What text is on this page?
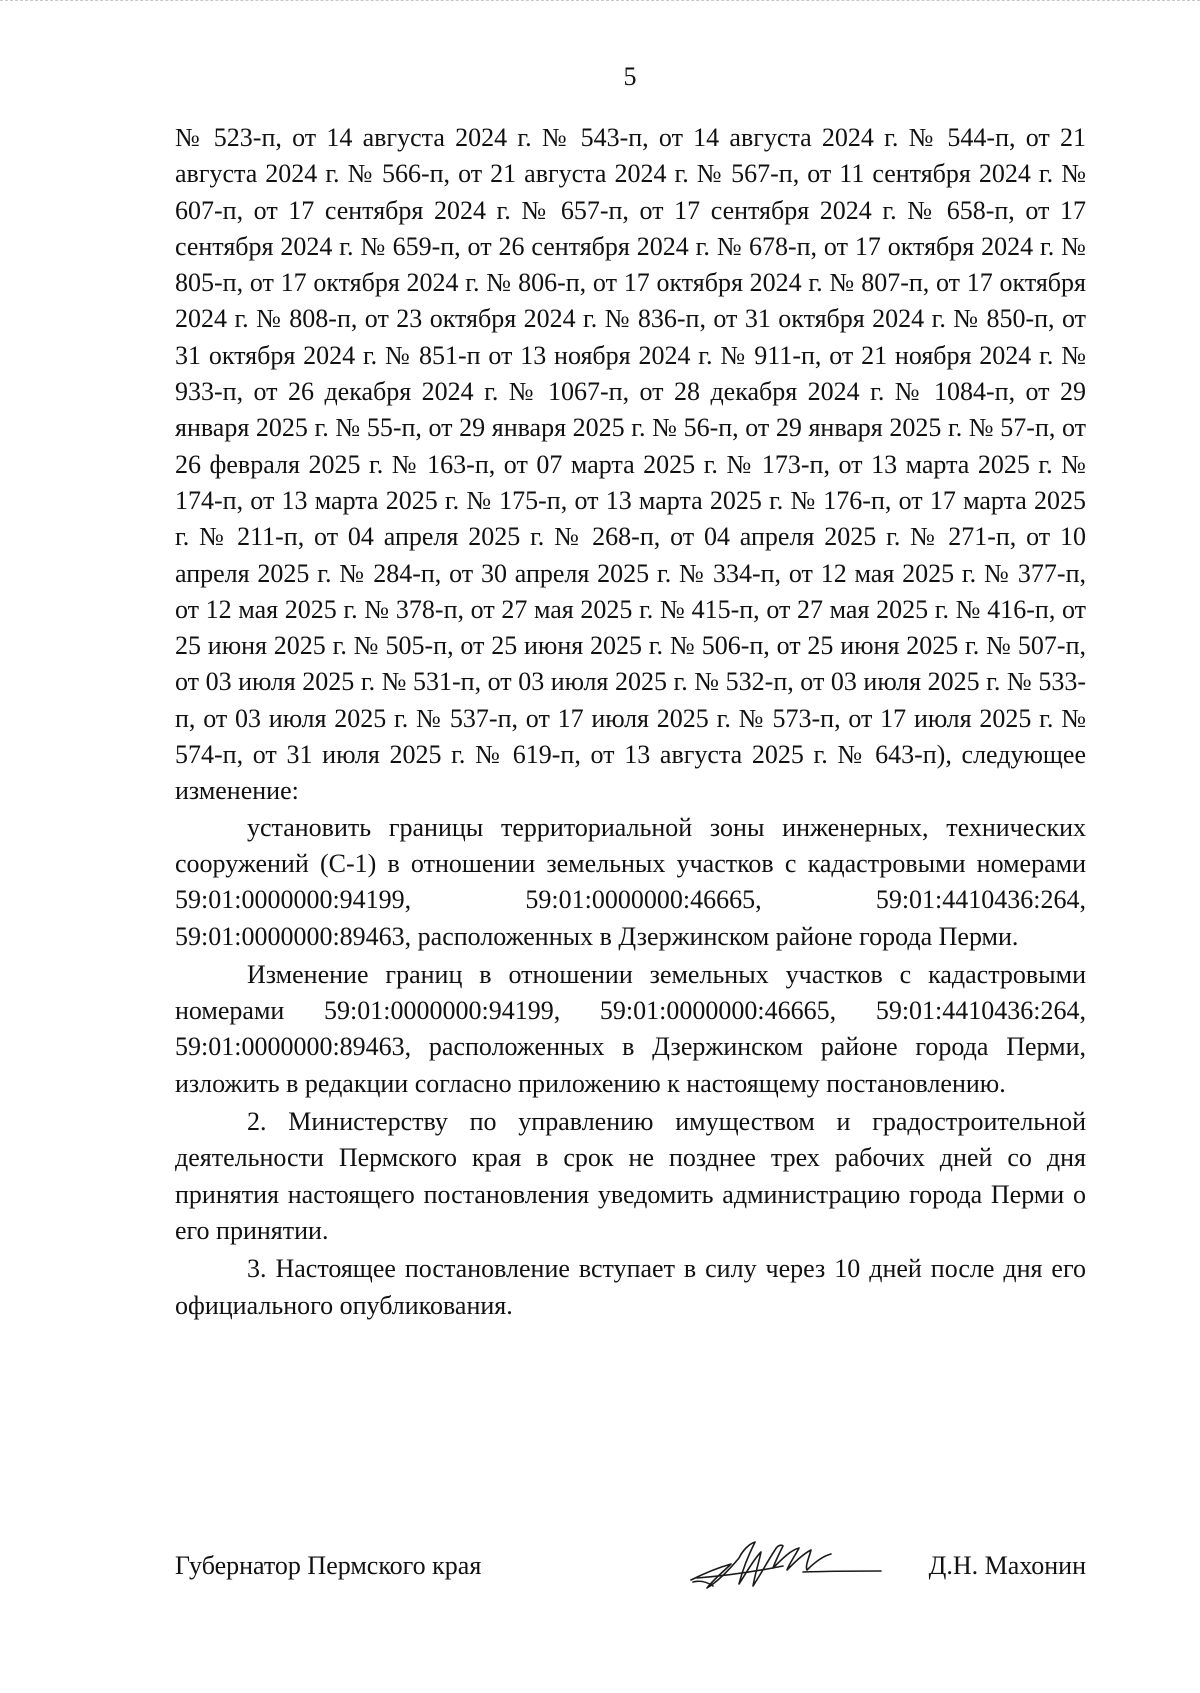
5

№ 523-п, от 14 августа 2024 г. № 543-п, от 14 августа 2024 г. № 544-п, от 21 августа 2024 г. № 566-п, от 21 августа 2024 г. № 567-п, от 11 сентября 2024 г. № 607-п, от 17 сентября 2024 г. № 657-п, от 17 сентября 2024 г. № 658-п, от 17 сентября 2024 г. № 659-п, от 26 сентября 2024 г. № 678-п, от 17 октября 2024 г. № 805-п, от 17 октября 2024 г. № 806-п, от 17 октября 2024 г. № 807-п, от 17 октября 2024 г. № 808-п, от 23 октября 2024 г. № 836-п, от 31 октября 2024 г. № 850-п, от 31 октября 2024 г. № 851-п от 13 ноября 2024 г. № 911-п, от 21 ноября 2024 г. № 933-п, от 26 декабря 2024 г. № 1067-п, от 28 декабря 2024 г. № 1084-п, от 29 января 2025 г. № 55-п, от 29 января 2025 г. № 56-п, от 29 января 2025 г. № 57-п, от 26 февраля 2025 г. № 163-п, от 07 марта 2025 г. № 173-п, от 13 марта 2025 г. № 174-п, от 13 марта 2025 г. № 175-п, от 13 марта 2025 г. № 176-п, от 17 марта 2025 г. № 211-п, от 04 апреля 2025 г. № 268-п, от 04 апреля 2025 г. № 271-п, от 10 апреля 2025 г. № 284-п, от 30 апреля 2025 г. № 334-п, от 12 мая 2025 г. № 377-п, от 12 мая 2025 г. № 378-п, от 27 мая 2025 г. № 415-п, от 27 мая 2025 г. № 416-п, от 25 июня 2025 г. № 505-п, от 25 июня 2025 г. № 506-п, от 25 июня 2025 г. № 507-п, от 03 июля 2025 г. № 531-п, от 03 июля 2025 г. № 532-п, от 03 июля 2025 г. № 533-п, от 03 июля 2025 г. № 537-п, от 17 июля 2025 г. № 573-п, от 17 июля 2025 г. № 574-п, от 31 июля 2025 г. № 619-п, от 13 августа 2025 г. № 643-п), следующее изменение:

установить границы территориальной зоны инженерных, технических сооружений (С-1) в отношении земельных участков с кадастровыми номерами 59:01:0000000:94199, 59:01:0000000:46665, 59:01:4410436:264, 59:01:0000000:89463, расположенных в Дзержинском районе города Перми.

Изменение границ в отношении земельных участков с кадастровыми номерами 59:01:0000000:94199, 59:01:0000000:46665, 59:01:4410436:264, 59:01:0000000:89463, расположенных в Дзержинском районе города Перми, изложить в редакции согласно приложению к настоящему постановлению.

2. Министерству по управлению имуществом и градостроительной деятельности Пермского края в срок не позднее трех рабочих дней со дня принятия настоящего постановления уведомить администрацию города Перми о его принятии.

3. Настоящее постановление вступает в силу через 10 дней после дня его официального опубликования.

Губернатор Пермского края	Д.Н. Махонин
